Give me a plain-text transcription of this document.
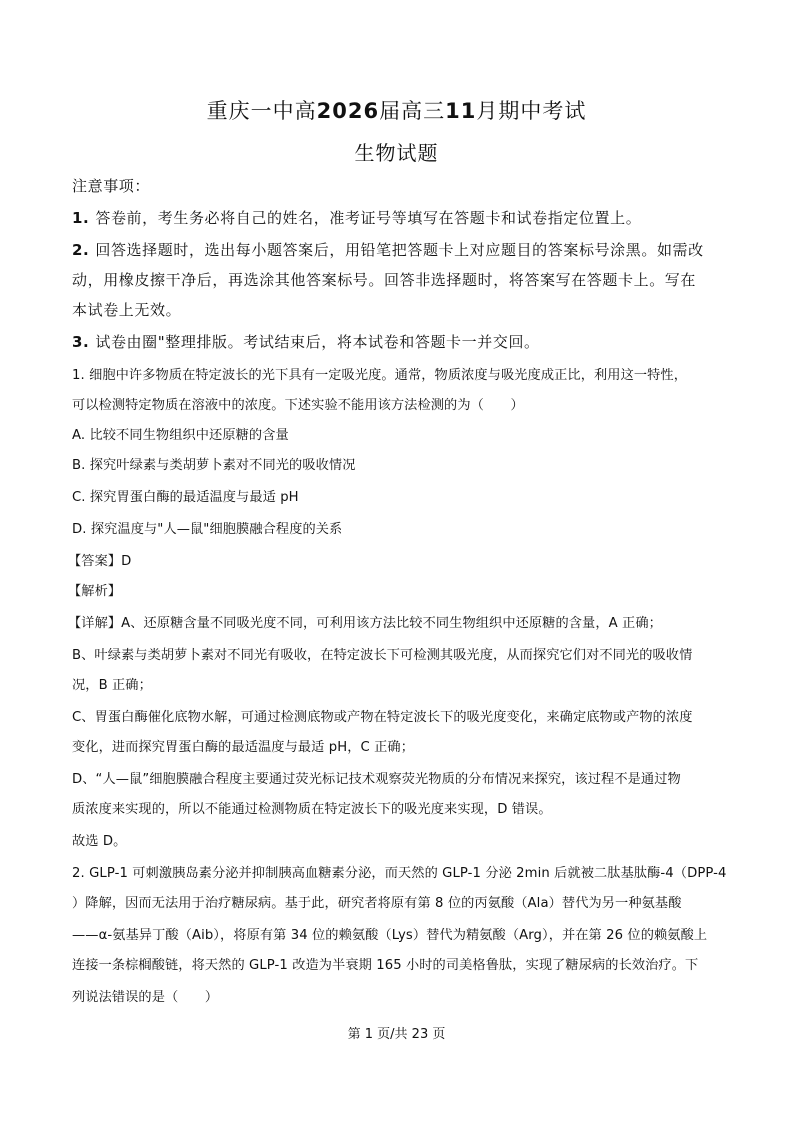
重庆一中高2026届高三11月期中考试
生物试题
注意事项：
1. 答卷前，考生务必将自己的姓名，准考证号等填写在答题卡和试卷指定位置上。
2. 回答选择题时，选出每小题答案后，用铅笔把答题卡上对应题目的答案标号涂黑。如需改
动，用橡皮擦干净后，再选涂其他答案标号。回答非选择题时，将答案写在答题卡上。写在
本试卷上无效。
3. 试卷由圈"整理排版。考试结束后，将本试卷和答题卡一并交回。
1. 细胞中许多物质在特定波长的光下具有一定吸光度。通常，物质浓度与吸光度成正比，利用这一特性，
可以检测特定物质在溶液中的浓度。下述实验不能用该方法检测的为（　　）
A. 比较不同生物组织中还原糖的含量
B. 探究叶绿素与类胡萝卜素对不同光的吸收情况
C. 探究胃蛋白酶的最适温度与最适 pH
D. 探究温度与"人—鼠"细胞膜融合程度的关系
【答案】D
【解析】
【详解】A、还原糖含量不同吸光度不同，可利用该方法比较不同生物组织中还原糖的含量，A 正确；
B、叶绿素与类胡萝卜素对不同光有吸收，在特定波长下可检测其吸光度，从而探究它们对不同光的吸收情
况，B 正确；
C、胃蛋白酶催化底物水解，可通过检测底物或产物在特定波长下的吸光度变化，来确定底物或产物的浓度
变化，进而探究胃蛋白酶的最适温度与最适 pH，C 正确；
D、“人—鼠”细胞膜融合程度主要通过荧光标记技术观察荧光物质的分布情况来探究，该过程不是通过物
质浓度来实现的，所以不能通过检测物质在特定波长下的吸光度来实现，D 错误。
故选 D。
2. GLP-1 可刺激胰岛素分泌并抑制胰高血糖素分泌，而天然的 GLP-1 分泌 2min 后就被二肽基肽酶-4（DPP-4
）降解，因而无法用于治疗糖尿病。基于此，研究者将原有第 8 位的丙氨酸（Ala）替代为另一种氨基酸
——α-氨基异丁酸（Aib），将原有第 34 位的赖氨酸（Lys）替代为精氨酸（Arg），并在第 26 位的赖氨酸上
连接一条棕榈酸链，将天然的 GLP-1 改造为半衰期 165 小时的司美格鲁肽，实现了糖尿病的长效治疗。下
列说法错误的是（　　）
第 1 页/共 23 页
